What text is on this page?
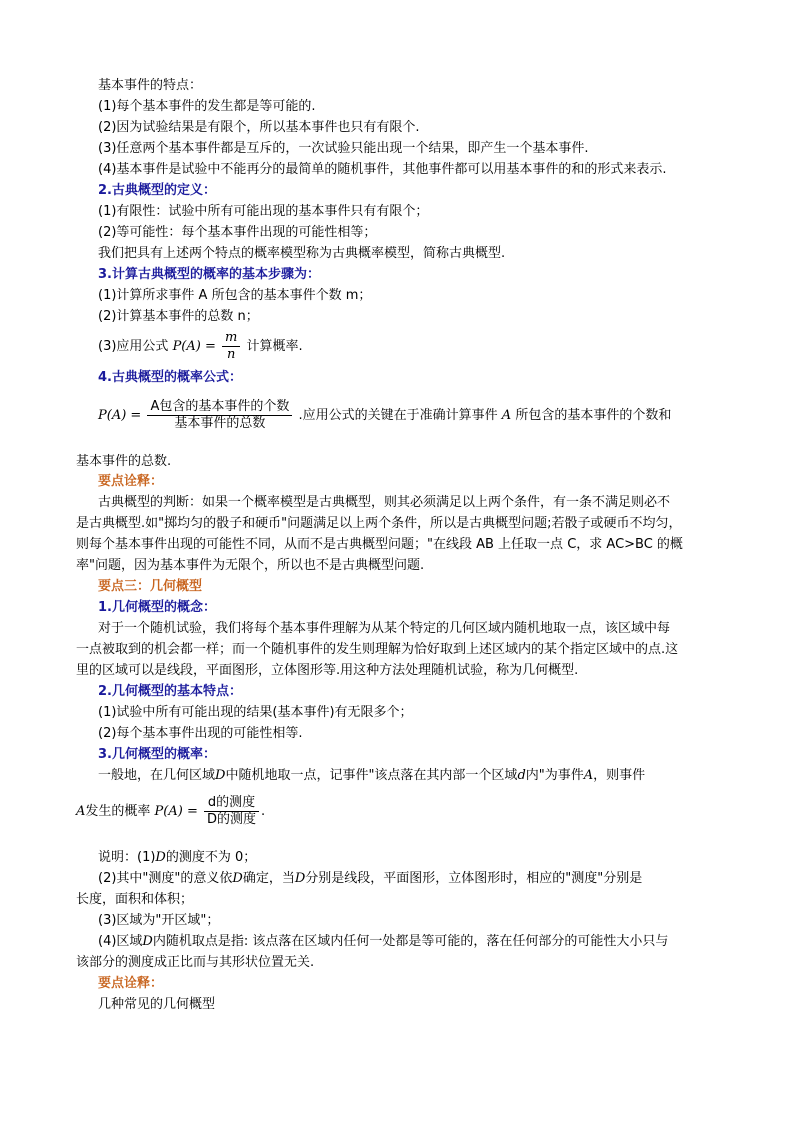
基本事件的特点：
(1)每个基本事件的发生都是等可能的.
(2)因为试验结果是有限个，所以基本事件也只有有限个.
(3)任意两个基本事件都是互斥的，一次试验只能出现一个结果，即产生一个基本事件.
(4)基本事件是试验中不能再分的最简单的随机事件，其他事件都可以用基本事件的和的形式来表示.
2.古典概型的定义：
(1)有限性：试验中所有可能出现的基本事件只有有限个；
(2)等可能性：每个基本事件出现的可能性相等；
我们把具有上述两个特点的概率模型称为古典概率模型，简称古典概型.
3.计算古典概型的概率的基本步骤为：
(1)计算所求事件 A 所包含的基本事件个数 m；
(2)计算基本事件的总数 n；
(3)应用公式 $P(A) = \frac{m}{n}$ 计算概率.
4.古典概型的概率公式：
$P(A) = \frac{\text{A包含的基本事件的个数}}{\text{基本事件的总数}}$ .应用公式的关键在于准确计算事件 A 所包含的基本事件的个数和
基本事件的总数.
要点诠释：
古典概型的判断：如果一个概率模型是古典概型，则其必须满足以上两个条件，有一条不满足则必不
是古典概型.如"掷均匀的骰子和硬币"问题满足以上两个条件，所以是古典概型问题;若骰子或硬币不均匀，
则每个基本事件出现的可能性不同，从而不是古典概型问题；"在线段 AB 上任取一点 C，求 AC>BC 的概
率"问题，因为基本事件为无限个，所以也不是古典概型问题.
要点三：几何概型
1.几何概型的概念：
对于一个随机试验，我们将每个基本事件理解为从某个特定的几何区域内随机地取一点，该区域中每
一点被取到的机会都一样；而一个随机事件的发生则理解为恰好取到上述区域内的某个指定区域中的点.这
里的区域可以是线段，平面图形，立体图形等.用这种方法处理随机试验，称为几何概型.
2.几何概型的基本特点：
(1)试验中所有可能出现的结果(基本事件)有无限多个；
(2)每个基本事件出现的可能性相等.
3.几何概型的概率：
一般地，在几何区域D中随机地取一点，记事件"该点落在其内部一个区域d内"为事件A，则事件
A发生的概率 $P(A) = \frac{\text{d的测度}}{\text{D的测度}}$ .
说明：(1)D的测度不为 0；
(2)其中"测度"的意义依D确定，当D分别是线段，平面图形，立体图形时，相应的"测度"分别是
长度，面积和体积；
(3)区域为"开区域"；
(4)区域D内随机取点是指: 该点落在区域内任何一处都是等可能的，落在任何部分的可能性大小只与
该部分的测度成正比而与其形状位置无关.
要点诠释：
几种常见的几何概型
